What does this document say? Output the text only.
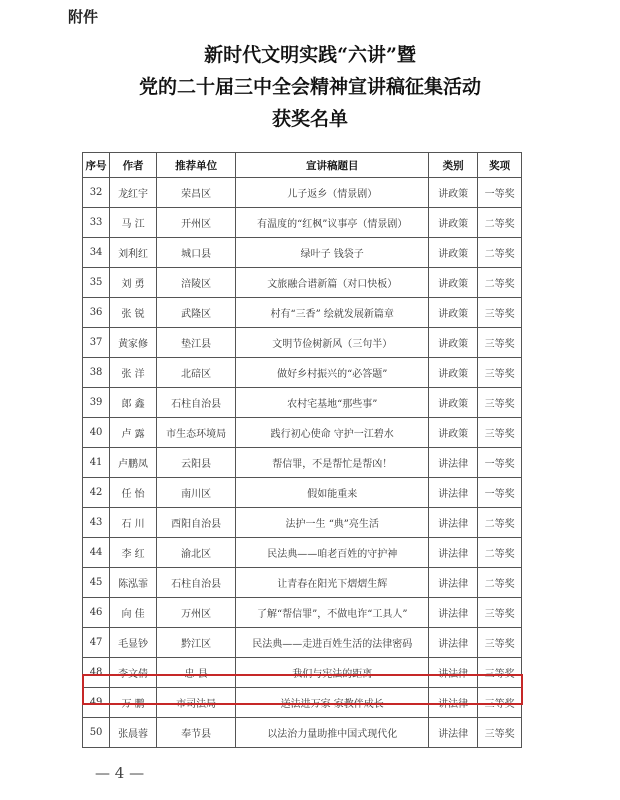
附件
新时代文明实践“六讲”暨
党的二十届三中全会精神宣讲稿征集活动
获奖名单
序号	作者	推荐单位	宣讲稿题目	类别	奖项
32	龙红宇	荣昌区	儿子返乡（情景剧）	讲政策	一等奖
33	马 江	开州区	有温度的“红枫”议事亭（情景剧）	讲政策	二等奖
34	刘利红	城口县	绿叶子 钱袋子	讲政策	二等奖
35	刘 勇	涪陵区	文旅融合谱新篇（对口快板）	讲政策	二等奖
36	张 锐	武隆区	村有“三香” 绘就发展新篇章	讲政策	三等奖
37	黄家修	垫江县	文明节俭树新风（三句半）	讲政策	三等奖
38	张 洋	北碚区	做好乡村振兴的“必答题”	讲政策	三等奖
39	郎 鑫	石柱自治县	农村宅基地“那些事”	讲政策	三等奖
40	卢 露	市生态环境局	践行初心使命 守护一江碧水	讲政策	三等奖
41	卢鹏凤	云阳县	帮信罪，不是帮忙是帮凶！	讲法律	一等奖
42	任 怡	南川区	假如能重来	讲法律	一等奖
43	石 川	酉阳自治县	法护一生 “典”亮生活	讲法律	二等奖
44	李 红	渝北区	民法典——咱老百姓的守护神	讲法律	二等奖
45	陈泓霏	石柱自治县	让青春在阳光下熠熠生辉	讲法律	二等奖
46	向 佳	万州区	了解“帮信罪”，不做电诈“工具人”	讲法律	三等奖
47	毛显钞	黔江区	民法典——走进百姓生活的法律密码	讲法律	三等奖
48	李文倩	忠 县	我们与宪法的距离	讲法律	三等奖
49	万 鹏	市司法局	送法进万家 家教伴成长	讲法律	三等奖
50	张晨蓉	奉节县	以法治力量助推中国式现代化	讲法律	三等奖
— 4 —
